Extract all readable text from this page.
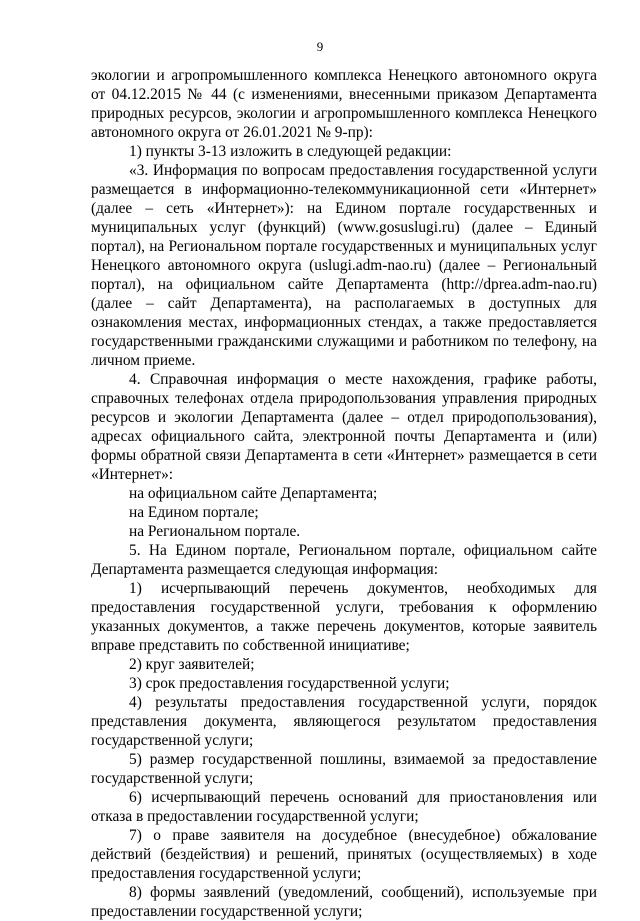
9

экологии и агропромышленного комплекса Ненецкого автономного округа от 04.12.2015 № 44 (с изменениями, внесенными приказом Департамента природных ресурсов, экологии и агропромышленного комплекса Ненецкого автономного округа от 26.01.2021 № 9-пр):

1) пункты 3-13 изложить в следующей редакции:

«3. Информация по вопросам предоставления государственной услуги размещается в информационно-телекоммуникационной сети «Интернет» (далее – сеть «Интернет»): на Едином портале государственных и муниципальных услуг (функций) (www.gosuslugi.ru) (далее – Единый портал), на Региональном портале государственных и муниципальных услуг Ненецкого автономного округа (uslugi.adm-nao.ru) (далее – Региональный портал), на официальном сайте Департамента (http://dprea.adm-nao.ru) (далее – сайт Департамента), на располагаемых в доступных для ознакомления местах, информационных стендах, а также предоставляется государственными гражданскими служащими и работником по телефону, на личном приеме.

4. Справочная информация о месте нахождения, графике работы, справочных телефонах отдела природопользования управления природных ресурсов и экологии Департамента (далее – отдел природопользования), адресах официального сайта, электронной почты Департамента и (или) формы обратной связи Департамента в сети «Интернет» размещается в сети «Интернет»:

на официальном сайте Департамента;

на Едином портале;

на Региональном портале.

5. На Едином портале, Региональном портале, официальном сайте Департамента размещается следующая информация:

1) исчерпывающий перечень документов, необходимых для предоставления государственной услуги, требования к оформлению указанных документов, а также перечень документов, которые заявитель вправе представить по собственной инициативе;

2) круг заявителей;

3) срок предоставления государственной услуги;

4) результаты предоставления государственной услуги, порядок представления документа, являющегося результатом предоставления государственной услуги;

5) размер государственной пошлины, взимаемой за предоставление государственной услуги;

6) исчерпывающий перечень оснований для приостановления или отказа в предоставлении государственной услуги;

7) о праве заявителя на досудебное (внесудебное) обжалование действий (бездействия) и решений, принятых (осуществляемых) в ходе предоставления государственной услуги;

8) формы заявлений (уведомлений, сообщений), используемые при предоставлении государственной услуги;
